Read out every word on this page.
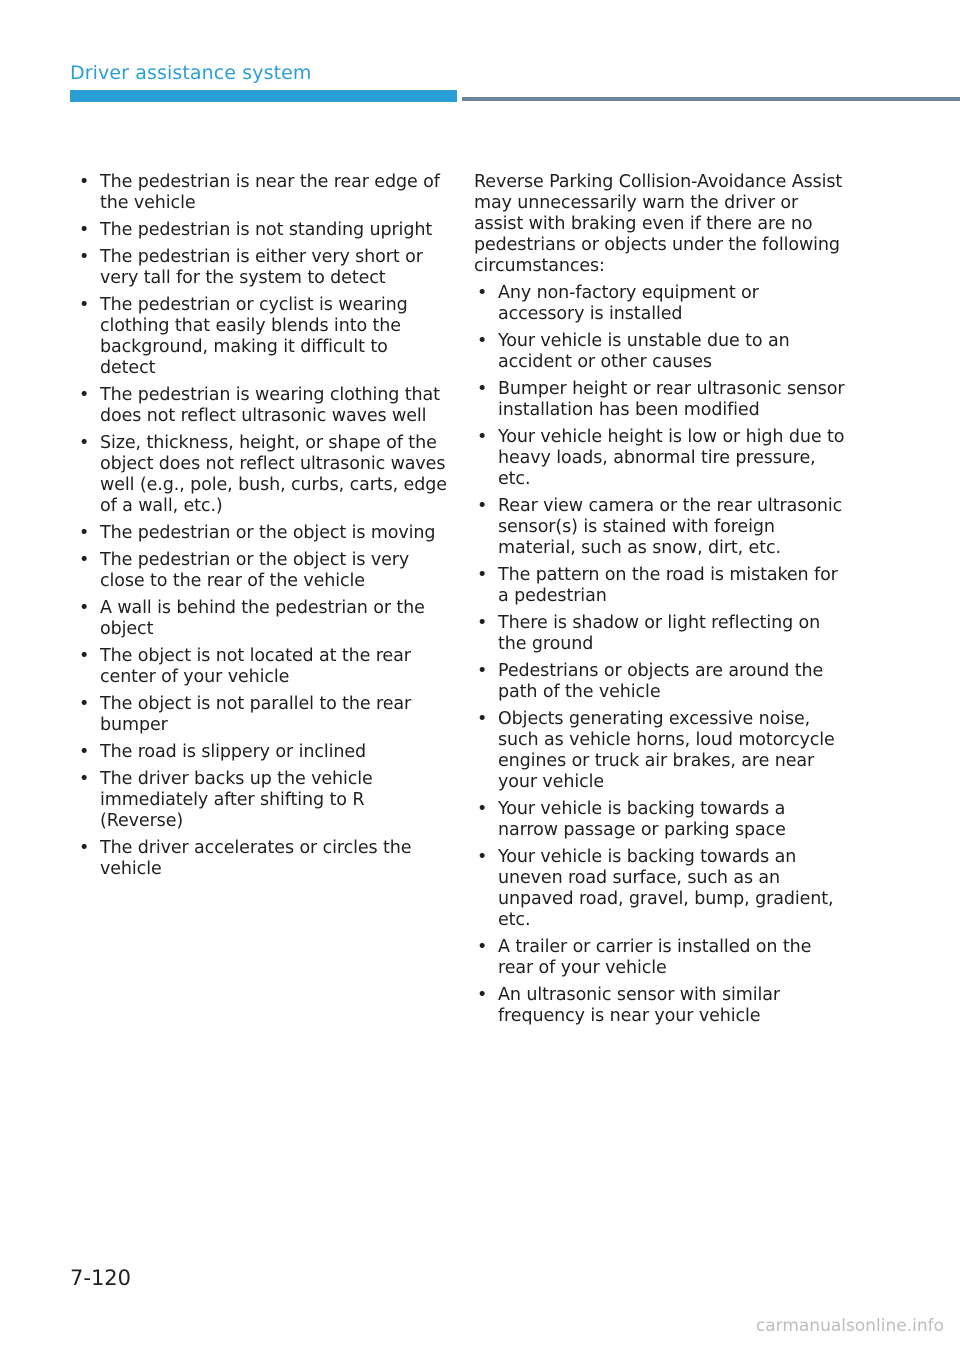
Driver assistance system
• The pedestrian is near the rear edge of the vehicle
• The pedestrian is not standing upright
• The pedestrian is either very short or very tall for the system to detect
• The pedestrian or cyclist is wearing clothing that easily blends into the background, making it difficult to detect
• The pedestrian is wearing clothing that does not reflect ultrasonic waves well
• Size, thickness, height, or shape of the object does not reflect ultrasonic waves well (e.g., pole, bush, curbs, carts, edge of a wall, etc.)
• The pedestrian or the object is moving
• The pedestrian or the object is very close to the rear of the vehicle
• A wall is behind the pedestrian or the object
• The object is not located at the rear center of your vehicle
• The object is not parallel to the rear bumper
• The road is slippery or inclined
• The driver backs up the vehicle immediately after shifting to R (Reverse)
• The driver accelerates or circles the vehicle

Reverse Parking Collision-Avoidance Assist may unnecessarily warn the driver or assist with braking even if there are no pedestrians or objects under the following circumstances:

• Any non-factory equipment or accessory is installed
• Your vehicle is unstable due to an accident or other causes
• Bumper height or rear ultrasonic sensor installation has been modified
• Your vehicle height is low or high due to heavy loads, abnormal tire pressure, etc.
• Rear view camera or the rear ultrasonic sensor(s) is stained with foreign material, such as snow, dirt, etc.
• The pattern on the road is mistaken for a pedestrian
• There is shadow or light reflecting on the ground
• Pedestrians or objects are around the path of the vehicle
• Objects generating excessive noise, such as vehicle horns, loud motorcycle engines or truck air brakes, are near your vehicle
• Your vehicle is backing towards a narrow passage or parking space
• Your vehicle is backing towards an uneven road surface, such as an unpaved road, gravel, bump, gradient, etc.
• A trailer or carrier is installed on the rear of your vehicle
• An ultrasonic sensor with similar frequency is near your vehicle

7-120

carmanualsonline.info
